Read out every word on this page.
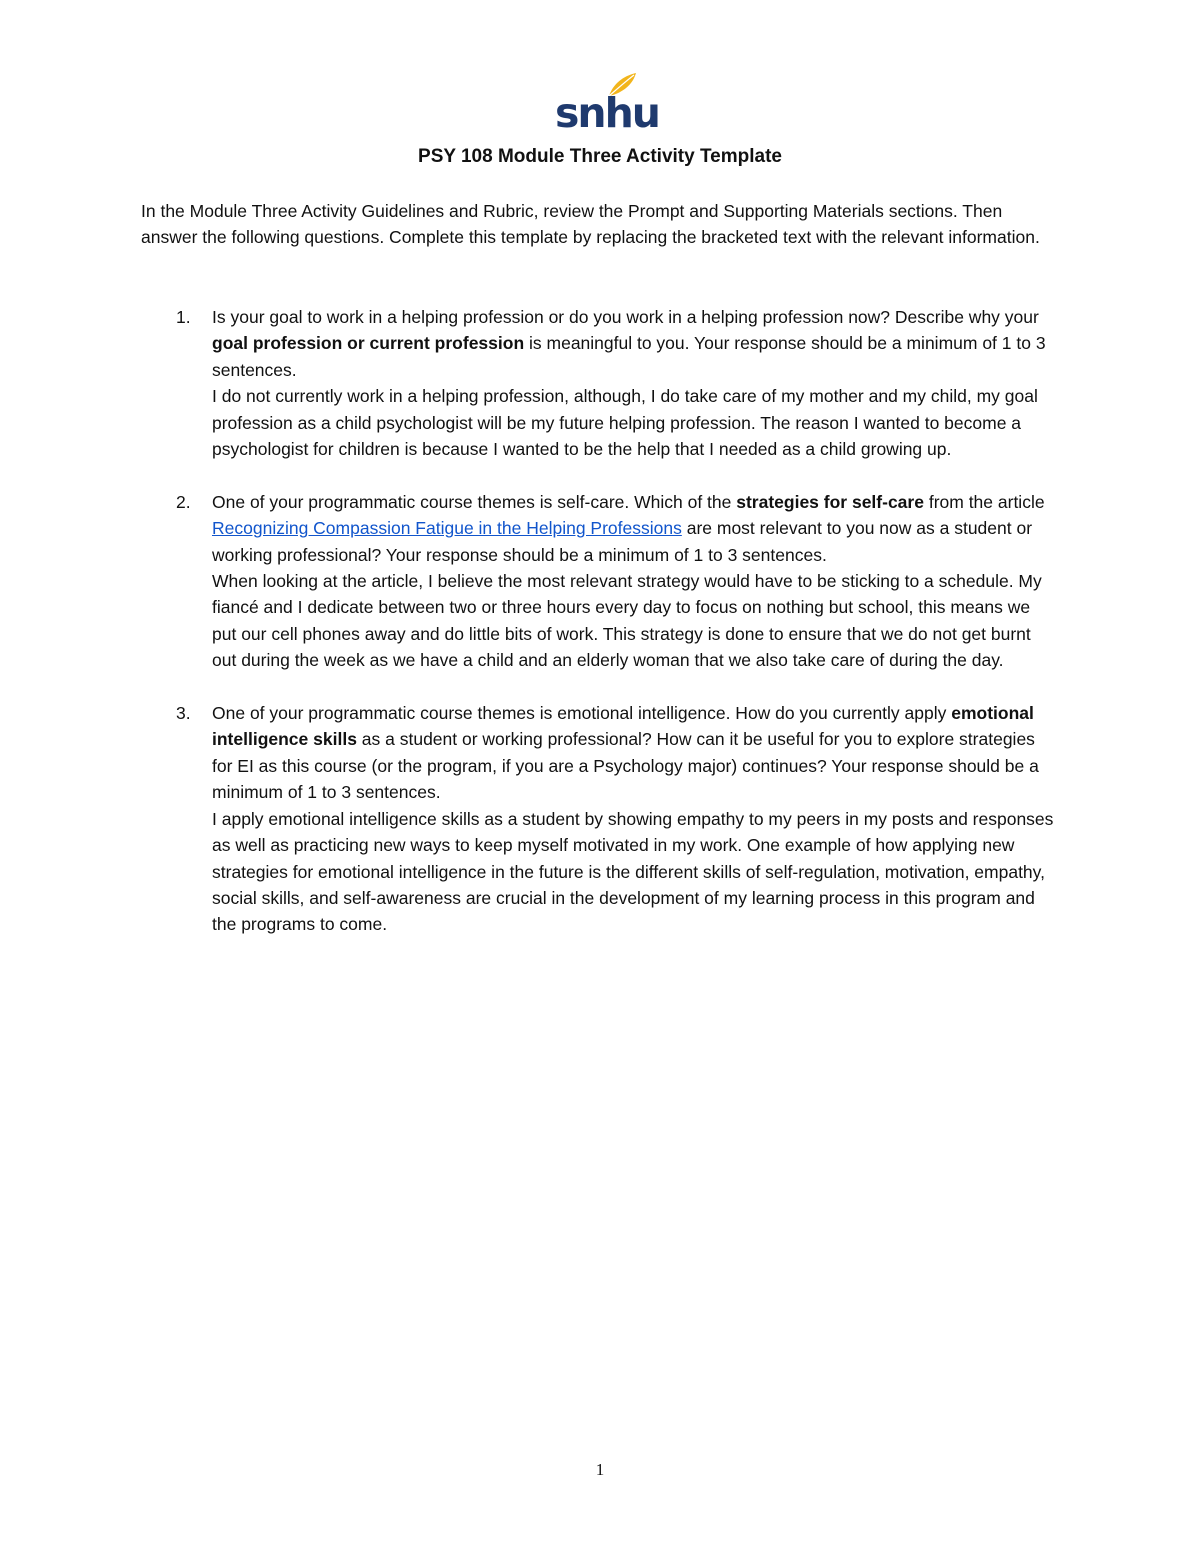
snhu
PSY 108 Module Three Activity Template

In the Module Three Activity Guidelines and Rubric, review the Prompt and Supporting Materials sections. Then answer the following questions. Complete this template by replacing the bracketed text with the relevant information.

1. Is your goal to work in a helping profession or do you work in a helping profession now? Describe why your goal profession or current profession is meaningful to you. Your response should be a minimum of 1 to 3 sentences.

I do not currently work in a helping profession, although, I do take care of my mother and my child, my goal profession as a child psychologist will be my future helping profession. The reason I wanted to become a psychologist for children is because I wanted to be the help that I needed as a child growing up.

2. One of your programmatic course themes is self-care. Which of the strategies for self-care from the article Recognizing Compassion Fatigue in the Helping Professions are most relevant to you now as a student or working professional? Your response should be a minimum of 1 to 3 sentences.

When looking at the article, I believe the most relevant strategy would have to be sticking to a schedule. My fiancé and I dedicate between two or three hours every day to focus on nothing but school, this means we put our cell phones away and do little bits of work. This strategy is done to ensure that we do not get burnt out during the week as we have a child and an elderly woman that we also take care of during the day.

3. One of your programmatic course themes is emotional intelligence. How do you currently apply emotional intelligence skills as a student or working professional? How can it be useful for you to explore strategies for EI as this course (or the program, if you are a Psychology major) continues? Your response should be a minimum of 1 to 3 sentences.

I apply emotional intelligence skills as a student by showing empathy to my peers in my posts and responses as well as practicing new ways to keep myself motivated in my work. One example of how applying new strategies for emotional intelligence in the future is the different skills of self-regulation, motivation, empathy, social skills, and self-awareness are crucial in the development of my learning process in this program and the programs to come.

1
